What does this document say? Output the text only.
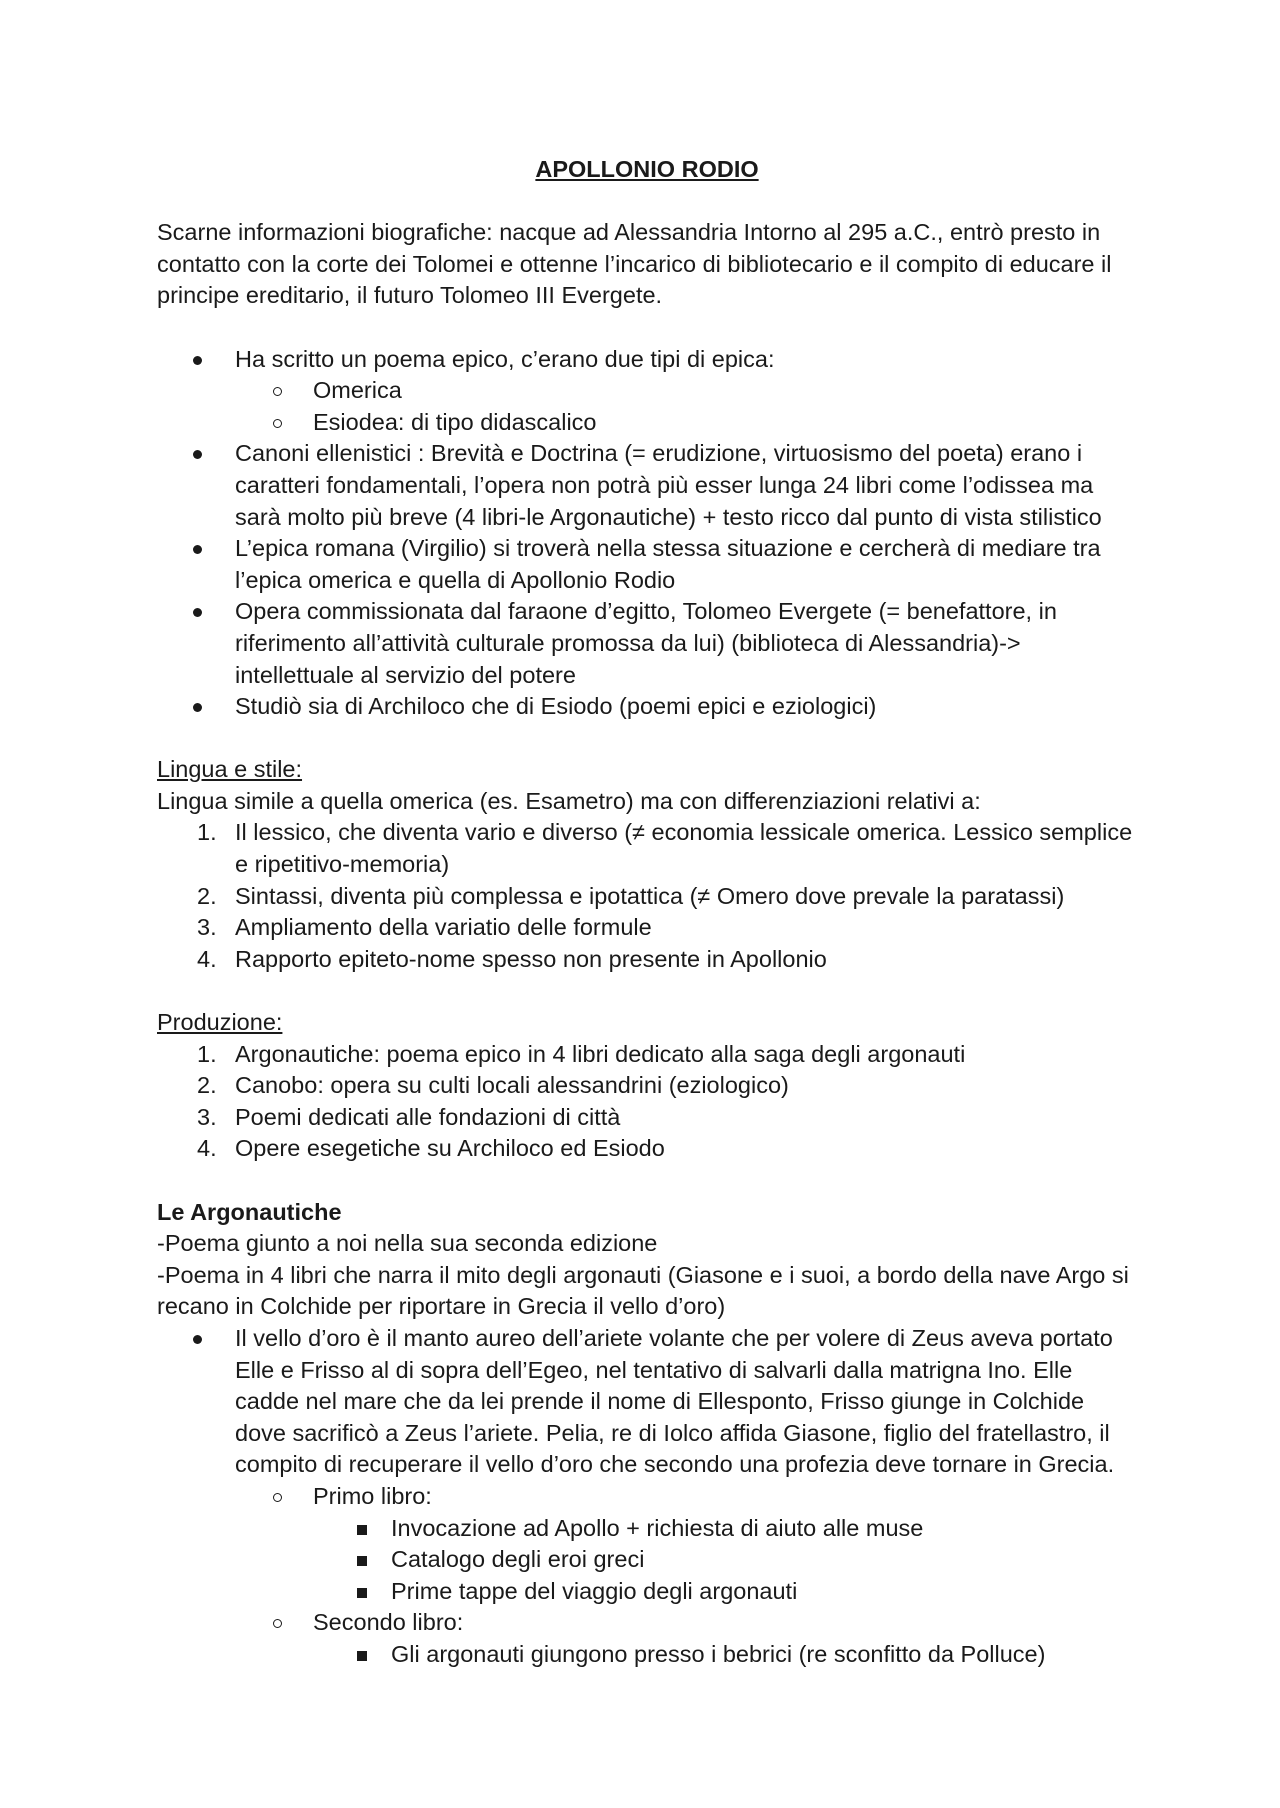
APOLLONIO RODIO

Scarne informazioni biografiche: nacque ad Alessandria Intorno al 295 a.C., entrò presto in contatto con la corte dei Tolomei e ottenne l’incarico di bibliotecario e il compito di educare il principe ereditario, il futuro Tolomeo III Evergete.

Ha scritto un poema epico, c’erano due tipi di epica:
Omerica
Esiodea: di tipo didascalico
Canoni ellenistici : Brevità e Doctrina (= erudizione, virtuosismo del poeta) erano i caratteri fondamentali, l’opera non potrà più esser lunga 24 libri come l’odissea ma sarà molto più breve (4 libri-le Argonautiche) + testo ricco dal punto di vista stilistico
L’epica romana (Virgilio) si troverà nella stessa situazione e cercherà di mediare tra l’epica omerica e quella di Apollonio Rodio
Opera commissionata dal faraone d’egitto, Tolomeo Evergete (= benefattore, in riferimento all’attività culturale promossa da lui) (biblioteca di Alessandria)-> intellettuale al servizio del potere
Studiò sia di Archiloco che di Esiodo (poemi epici e eziologici)
Lingua e stile:
Lingua simile a quella omerica (es. Esametro) ma con differenziazioni relativi a:
1. Il lessico, che diventa vario e diverso (≠ economia lessicale omerica. Lessico semplice e ripetitivo-memoria)
2. Sintassi, diventa più complessa e ipotattica (≠ Omero dove prevale la paratassi)
3. Ampliamento della variatio delle formule
4. Rapporto epiteto-nome spesso non presente in Apollonio
Produzione:
1. Argonautiche: poema epico in 4 libri dedicato alla saga degli argonauti
2. Canobo: opera su culti locali alessandrini (eziologico)
3. Poemi dedicati alle fondazioni di città
4. Opere esegetiche su Archiloco ed Esiodo
Le Argonautiche
-Poema giunto a noi nella sua seconda edizione
-Poema in 4 libri che narra il mito degli argonauti (Giasone e i suoi, a bordo della nave Argo si recano in Colchide per riportare in Grecia il vello d’oro)
Il vello d’oro è il manto aureo dell’ariete volante che per volere di Zeus aveva portato Elle e Frisso al di sopra dell’Egeo, nel tentativo di salvarli dalla matrigna Ino. Elle cadde nel mare che da lei prende il nome di Ellesponto, Frisso giunge in Colchide dove sacrificò a Zeus l’ariete. Pelia, re di Iolco affida Giasone, figlio del fratellastro, il compito di recuperare il vello d’oro che secondo una profezia deve tornare in Grecia.
Primo libro:
Invocazione ad Apollo + richiesta di aiuto alle muse
Catalogo degli eroi greci
Prime tappe del viaggio degli argonauti
Secondo libro:
Gli argonauti giungono presso i bebrici (re sconfitto da Polluce)
